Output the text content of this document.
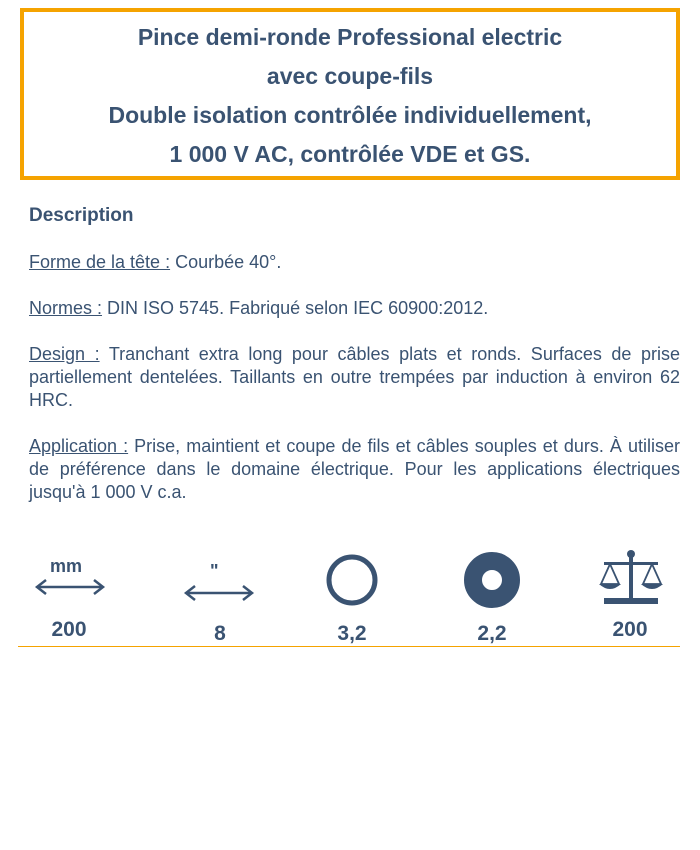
Pince demi-ronde Professional electric
avec coupe-fils
Double isolation contrôlée individuellement,
1 000 V AC, contrôlée VDE et GS.
Description
Forme de la tête : Courbée 40°.
Normes : DIN ISO 5745. Fabriqué selon IEC 60900:2012.
Design : Tranchant extra long pour câbles plats et ronds. Surfaces de prise partiellement dentelées. Taillants en outre trempées par induction à environ 62 HRC.
Application : Prise, maintient et coupe de fils et câbles souples et durs. À utiliser de préférence dans le domaine électrique. Pour les applications électriques jusqu'à 1 000 V c.a.
mm
200
"
8	3,2	2,2	200
